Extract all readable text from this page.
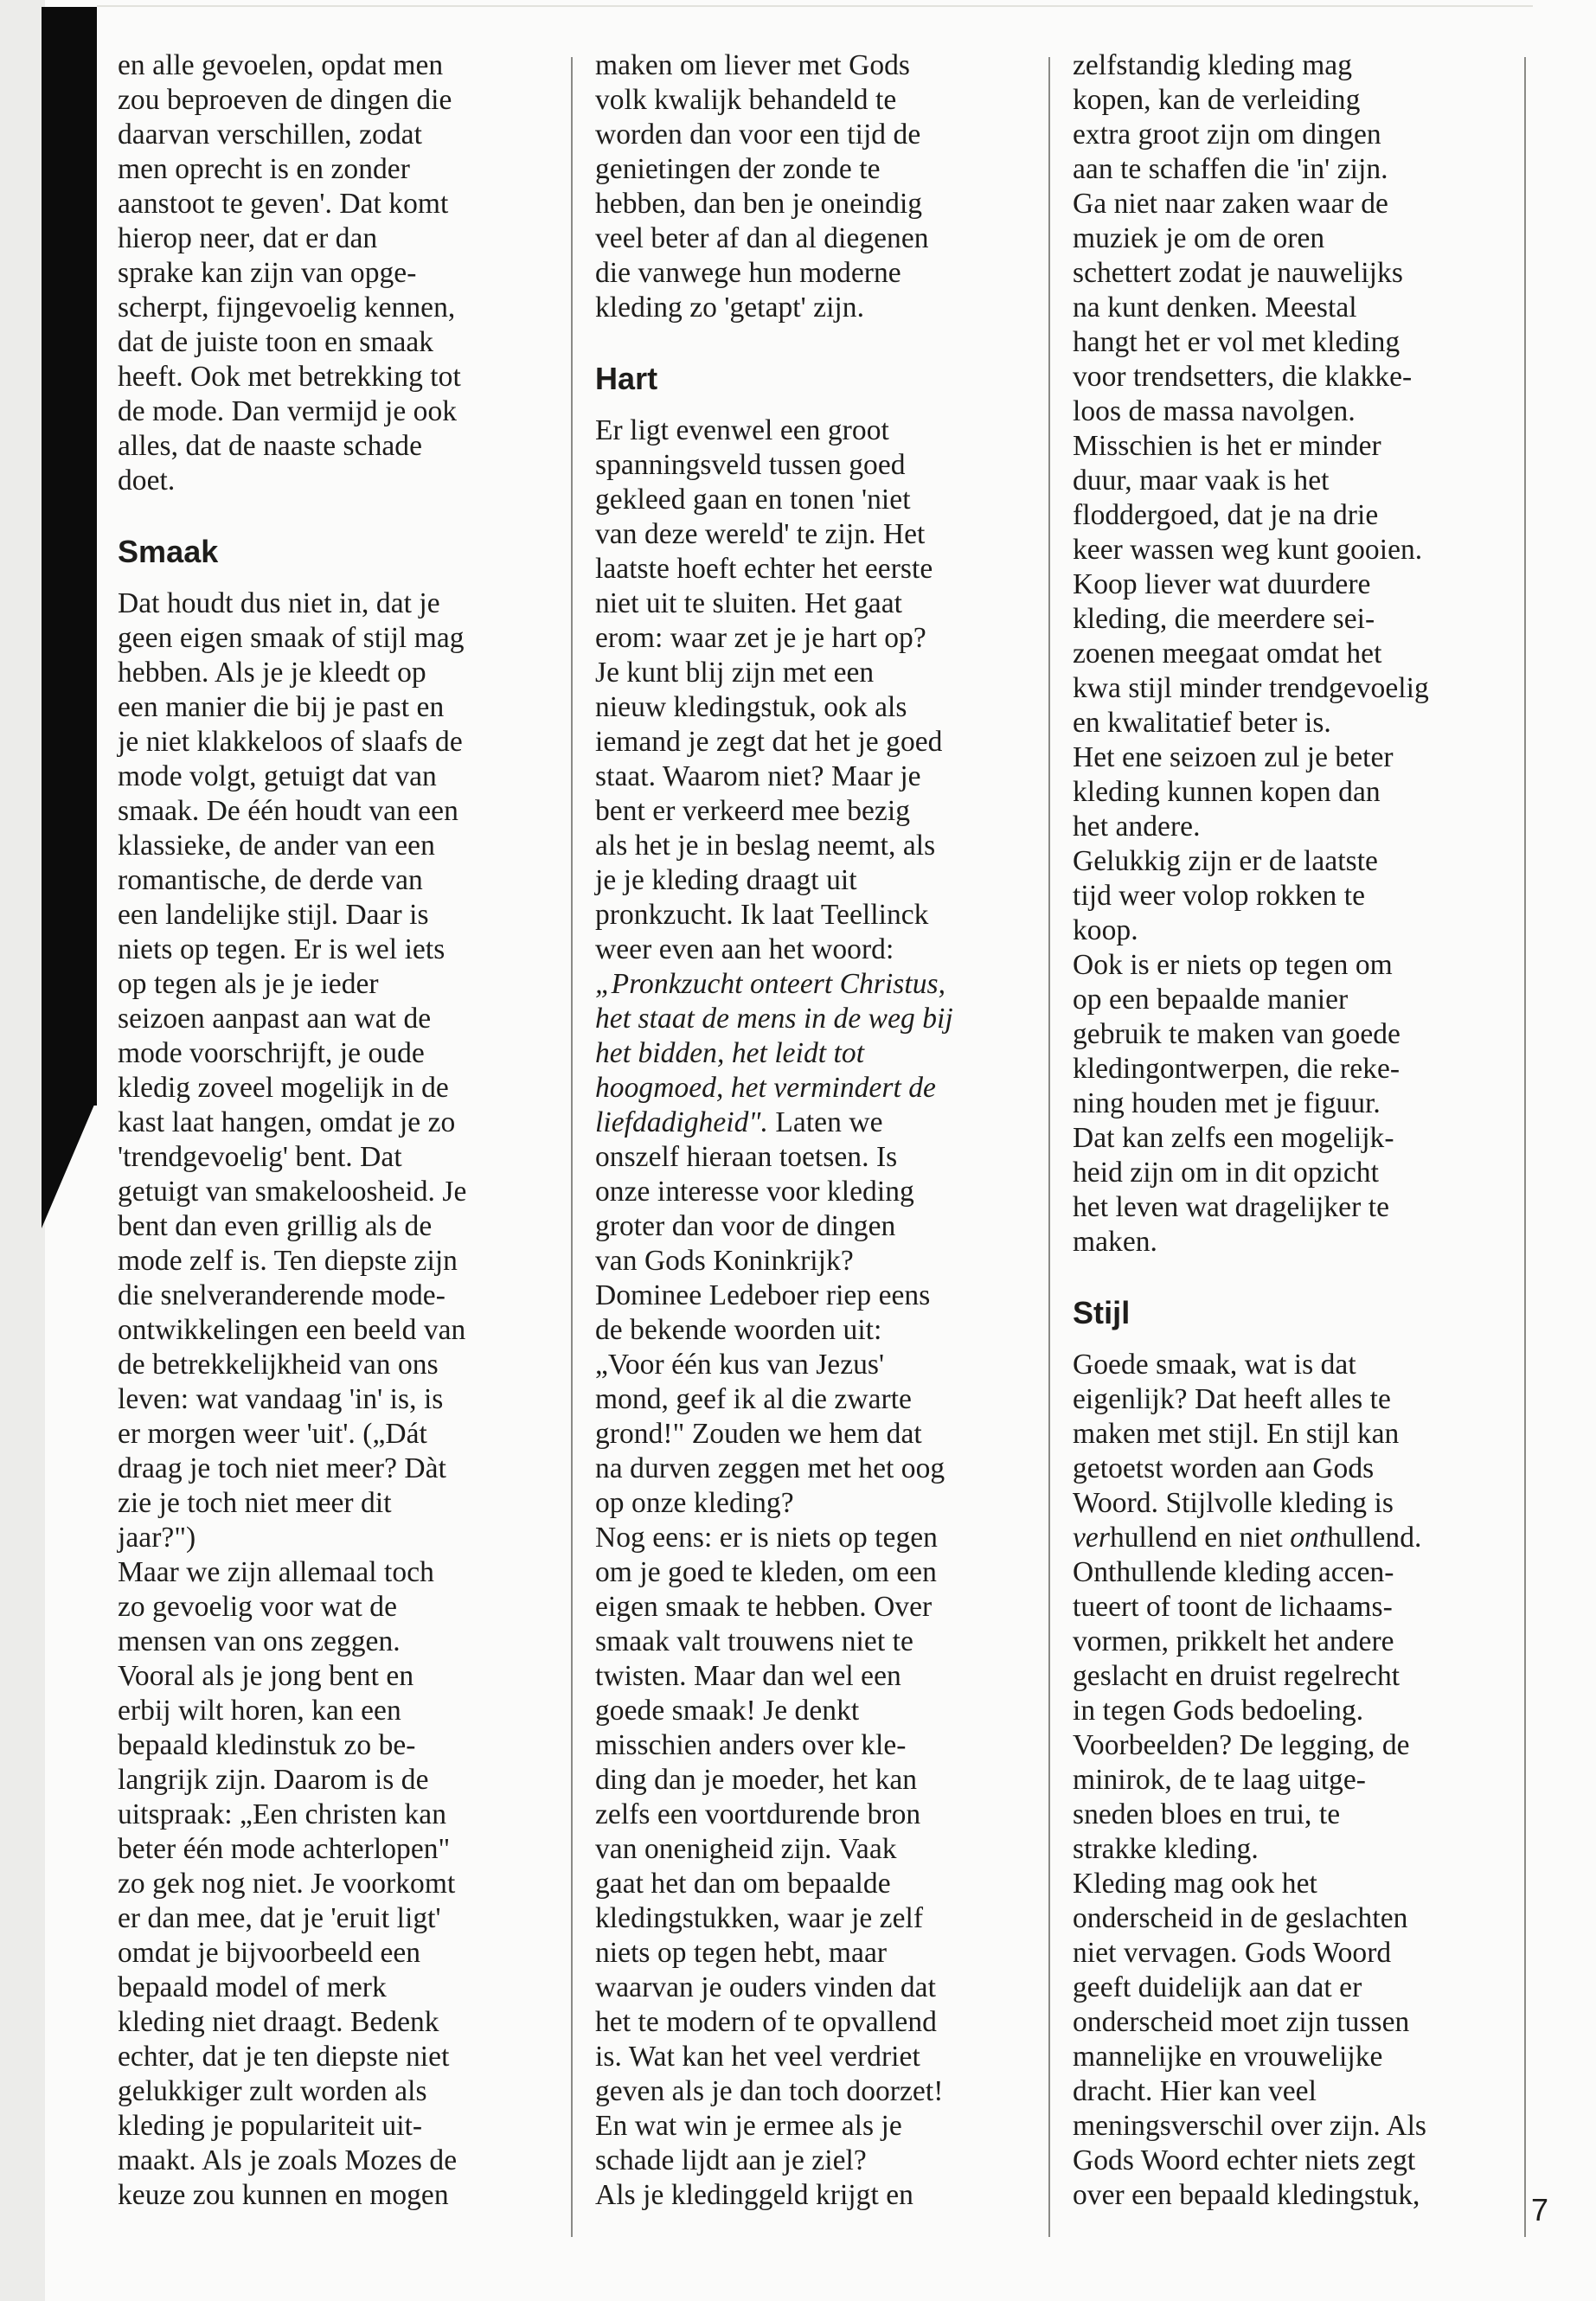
en alle gevoelen, opdat men
zou beproeven de dingen die
daarvan verschillen, zodat
men oprecht is en zonder
aanstoot te geven'. Dat komt
hierop neer, dat er dan
sprake kan zijn van opge-
scherpt, fijngevoelig kennen,
dat de juiste toon en smaak
heeft. Ook met betrekking tot
de mode. Dan vermijd je ook
alles, dat de naaste schade
doet.
Smaak
Dat houdt dus niet in, dat je
geen eigen smaak of stijl mag
hebben. Als je je kleedt op
een manier die bij je past en
je niet klakkeloos of slaafs de
mode volgt, getuigt dat van
smaak. De één houdt van een
klassieke, de ander van een
romantische, de derde van
een landelijke stijl. Daar is
niets op tegen. Er is wel iets
op tegen als je je ieder
seizoen aanpast aan wat de
mode voorschrijft, je oude
kledig zoveel mogelijk in de
kast laat hangen, omdat je zo
'trendgevoelig' bent. Dat
getuigt van smakeloosheid. Je
bent dan even grillig als de
mode zelf is. Ten diepste zijn
die snelveranderende mode-
ontwikkelingen een beeld van
de betrekkelijkheid van ons
leven: wat vandaag 'in' is, is
er morgen weer 'uit'. („Dát
draag je toch niet meer? Dàt
zie je toch niet meer dit
jaar?")
Maar we zijn allemaal toch
zo gevoelig voor wat de
mensen van ons zeggen.
Vooral als je jong bent en
erbij wilt horen, kan een
bepaald kledinstuk zo be-
langrijk zijn. Daarom is de
uitspraak: „Een christen kan
beter één mode achterlopen"
zo gek nog niet. Je voorkomt
er dan mee, dat je 'eruit ligt'
omdat je bijvoorbeeld een
bepaald model of merk
kleding niet draagt. Bedenk
echter, dat je ten diepste niet
gelukkiger zult worden als
kleding je populariteit uit-
maakt. Als je zoals Mozes de
keuze zou kunnen en mogen
maken om liever met Gods
volk kwalijk behandeld te
worden dan voor een tijd de
genietingen der zonde te
hebben, dan ben je oneindig
veel beter af dan al diegenen
die vanwege hun moderne
kleding zo 'getapt' zijn.
Hart
Er ligt evenwel een groot
spanningsveld tussen goed
gekleed gaan en tonen 'niet
van deze wereld' te zijn. Het
laatste hoeft echter het eerste
niet uit te sluiten. Het gaat
erom: waar zet je je hart op?
Je kunt blij zijn met een
nieuw kledingstuk, ook als
iemand je zegt dat het je goed
staat. Waarom niet? Maar je
bent er verkeerd mee bezig
als het je in beslag neemt, als
je je kleding draagt uit
pronkzucht. Ik laat Teellinck
weer even aan het woord:
„Pronkzucht onteert Christus,
het staat de mens in de weg bij
het bidden, het leidt tot
hoogmoed, het vermindert de
liefdadigheid". Laten we
onszelf hieraan toetsen. Is
onze interesse voor kleding
groter dan voor de dingen
van Gods Koninkrijk?
Dominee Ledeboer riep eens
de bekende woorden uit:
„Voor één kus van Jezus'
mond, geef ik al die zwarte
grond!" Zouden we hem dat
na durven zeggen met het oog
op onze kleding?
Nog eens: er is niets op tegen
om je goed te kleden, om een
eigen smaak te hebben. Over
smaak valt trouwens niet te
twisten. Maar dan wel een
goede smaak! Je denkt
misschien anders over kle-
ding dan je moeder, het kan
zelfs een voortdurende bron
van onenigheid zijn. Vaak
gaat het dan om bepaalde
kledingstukken, waar je zelf
niets op tegen hebt, maar
waarvan je ouders vinden dat
het te modern of te opvallend
is. Wat kan het veel verdriet
geven als je dan toch doorzet!
En wat win je ermee als je
schade lijdt aan je ziel?
Als je kledinggeld krijgt en
zelfstandig kleding mag
kopen, kan de verleiding
extra groot zijn om dingen
aan te schaffen die 'in' zijn.
Ga niet naar zaken waar de
muziek je om de oren
schettert zodat je nauwelijks
na kunt denken. Meestal
hangt het er vol met kleding
voor trendsetters, die klakke-
loos de massa navolgen.
Misschien is het er minder
duur, maar vaak is het
floddergoed, dat je na drie
keer wassen weg kunt gooien.
Koop liever wat duurdere
kleding, die meerdere sei-
zoenen meegaat omdat het
kwa stijl minder trendgevoelig
en kwalitatief beter is.
Het ene seizoen zul je beter
kleding kunnen kopen dan
het andere.
Gelukkig zijn er de laatste
tijd weer volop rokken te
koop.
Ook is er niets op tegen om
op een bepaalde manier
gebruik te maken van goede
kledingontwerpen, die reke-
ning houden met je figuur.
Dat kan zelfs een mogelijk-
heid zijn om in dit opzicht
het leven wat dragelijker te
maken.
Stijl
Goede smaak, wat is dat
eigenlijk? Dat heeft alles te
maken met stijl. En stijl kan
getoetst worden aan Gods
Woord. Stijlvolle kleding is
verhullend en niet onthullend.
Onthullende kleding accen-
tueert of toont de lichaams-
vormen, prikkelt het andere
geslacht en druist regelrecht
in tegen Gods bedoeling.
Voorbeelden? De legging, de
minirok, de te laag uitge-
sneden bloes en trui, te
strakke kleding.
Kleding mag ook het
onderscheid in de geslachten
niet vervagen. Gods Woord
geeft duidelijk aan dat er
onderscheid moet zijn tussen
mannelijke en vrouwelijke
dracht. Hier kan veel
meningsverschil over zijn. Als
Gods Woord echter niets zegt
over een bepaald kledingstuk,	7
